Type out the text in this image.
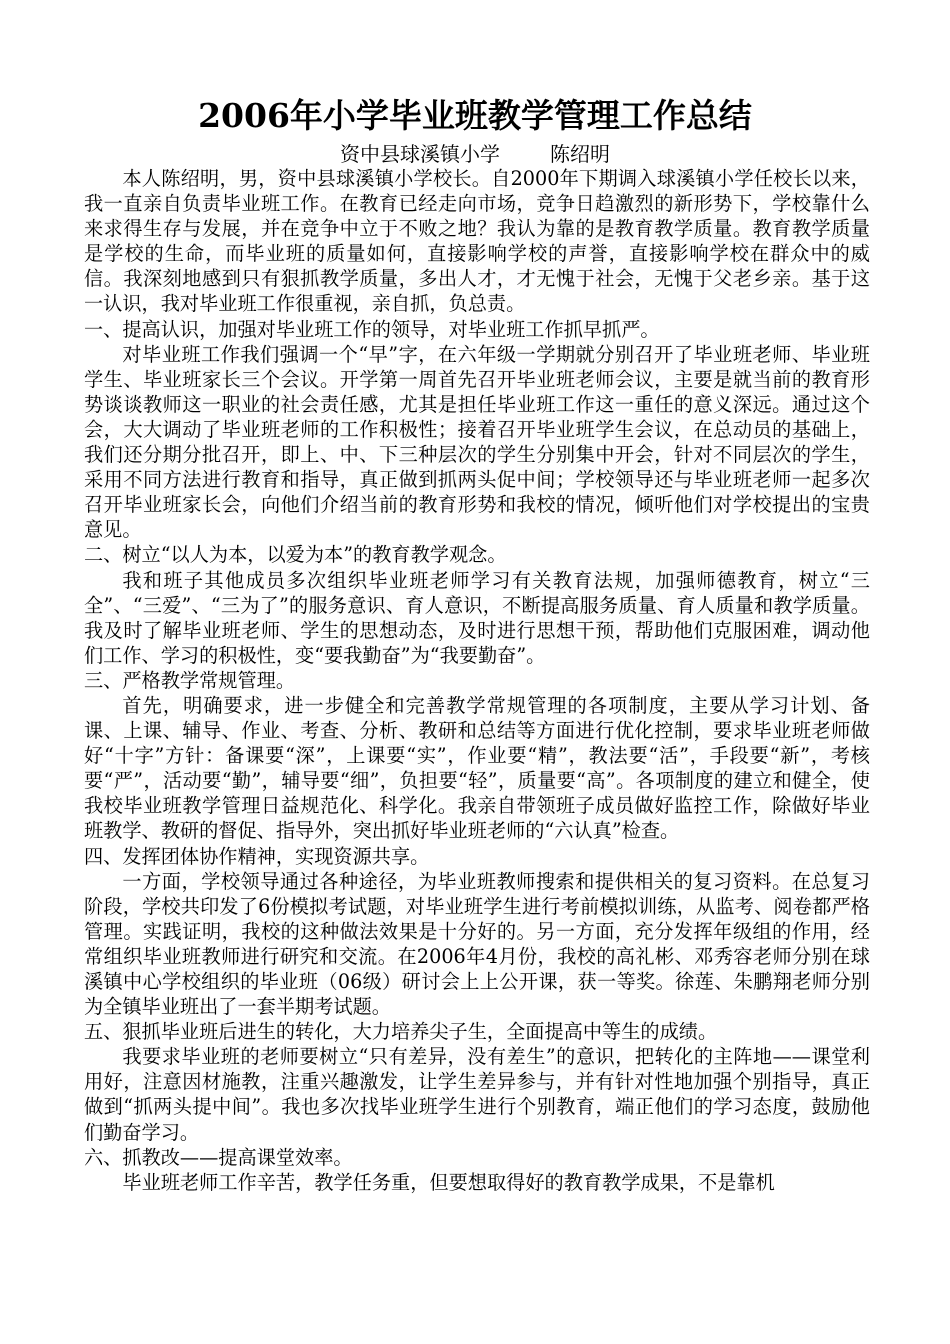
2006年小学毕业班教学管理工作总结
资中县球溪镇小学	陈绍明

本人陈绍明，男，资中县球溪镇小学校长。自2000年下期调入球溪镇小学任校长以来，我一直亲自负责毕业班工作。在教育已经走向市场，竞争日趋激烈的新形势下，学校靠什么来求得生存与发展，并在竞争中立于不败之地？我认为靠的是教育教学质量。教育教学质量是学校的生命，而毕业班的质量如何，直接影响学校的声誉，直接影响学校在群众中的威信。我深刻地感到只有狠抓教学质量，多出人才，才无愧于社会，无愧于父老乡亲。基于这一认识，我对毕业班工作很重视，亲自抓，负总责。

一、提高认识，加强对毕业班工作的领导，对毕业班工作抓早抓严。

对毕业班工作我们强调一个“早”字，在六年级一学期就分别召开了毕业班老师、毕业班学生、毕业班家长三个会议。开学第一周首先召开毕业班老师会议，主要是就当前的教育形势谈谈教师这一职业的社会责任感，尤其是担任毕业班工作这一重任的意义深远。通过这个会，大大调动了毕业班老师的工作积极性；接着召开毕业班学生会议，在总动员的基础上，我们还分期分批召开，即上、中、下三种层次的学生分别集中开会，针对不同层次的学生，采用不同方法进行教育和指导，真正做到抓两头促中间；学校领导还与毕业班老师一起多次召开毕业班家长会，向他们介绍当前的教育形势和我校的情况，倾听他们对学校提出的宝贵意见。

二、树立“以人为本，以爱为本”的教育教学观念。

我和班子其他成员多次组织毕业班老师学习有关教育法规，加强师德教育，树立“三全”、“三爱”、“三为了”的服务意识、育人意识，不断提高服务质量、育人质量和教学质量。我及时了解毕业班老师、学生的思想动态，及时进行思想干预，帮助他们克服困难，调动他们工作、学习的积极性，变“要我勤奋”为“我要勤奋”。

三、严格教学常规管理。

首先，明确要求，进一步健全和完善教学常规管理的各项制度，主要从学习计划、备课、上课、辅导、作业、考查、分析、教研和总结等方面进行优化控制，要求毕业班老师做好“十字”方针：备课要“深”，上课要“实”，作业要“精”，教法要“活”，手段要“新”，考核要“严”，活动要“勤”，辅导要“细”，负担要“轻”，质量要“高”。各项制度的建立和健全，使我校毕业班教学管理日益规范化、科学化。我亲自带领班子成员做好监控工作，除做好毕业班教学、教研的督促、指导外，突出抓好毕业班老师的“六认真”检查。

四、发挥团体协作精神，实现资源共享。

一方面，学校领导通过各种途径，为毕业班教师搜索和提供相关的复习资料。在总复习阶段，学校共印发了6份模拟考试题，对毕业班学生进行考前模拟训练，从监考、阅卷都严格管理。实践证明，我校的这种做法效果是十分好的。另一方面，充分发挥年级组的作用，经常组织毕业班教师进行研究和交流。在2006年4月份，我校的高礼彬、邓秀容老师分别在球溪镇中心学校组织的毕业班（06级）研讨会上上公开课，获一等奖。徐莲、朱鹏翔老师分别为全镇毕业班出了一套半期考试题。

五、狠抓毕业班后进生的转化，大力培养尖子生，全面提高中等生的成绩。

我要求毕业班的老师要树立“只有差异，没有差生”的意识，把转化的主阵地——课堂利用好，注意因材施教，注重兴趣激发，让学生差异参与，并有针对性地加强个别指导，真正做到“抓两头提中间”。我也多次找毕业班学生进行个别教育，端正他们的学习态度，鼓励他们勤奋学习。

六、抓教改——提高课堂效率。

毕业班老师工作辛苦，教学任务重，但要想取得好的教育教学成果，不是靠机
